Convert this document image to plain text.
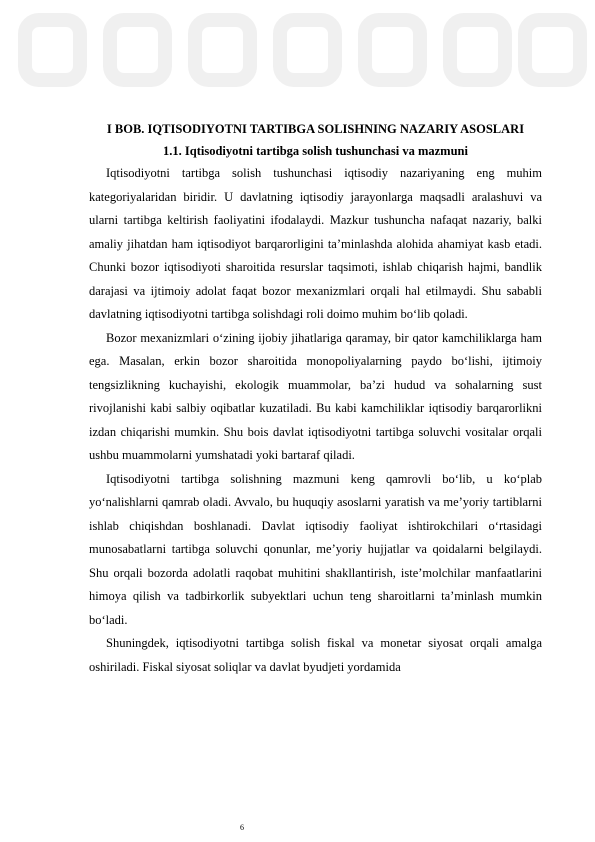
I BOB. IQTISODIYOTNI TARTIBGA SOLISHNING NAZARIY ASOSLARI

1.1. Iqtisodiyotni tartibga solish tushunchasi va mazmuni

Iqtisodiyotni tartibga solish tushunchasi iqtisodiy nazariyaning eng muhim kategoriyalaridan biridir. U davlatning iqtisodiy jarayonlarga maqsadli aralashuvi va ularni tartibga keltirish faoliyatini ifodalaydi. Mazkur tushuncha nafaqat nazariy, balki amaliy jihatdan ham iqtisodiyot barqarorligini ta’minlashda alohida ahamiyat kasb etadi. Chunki bozor iqtisodiyoti sharoitida resurslar taqsimoti, ishlab chiqarish hajmi, bandlik darajasi va ijtimoiy adolat faqat bozor mexanizmlari orqali hal etilmaydi. Shu sababli davlatning iqtisodiyotni tartibga solishdagi roli doimo muhim bo‘lib qoladi.

Bozor mexanizmlari o‘zining ijobiy jihatlariga qaramay, bir qator kamchiliklarga ham ega. Masalan, erkin bozor sharoitida monopoliyalarning paydo bo‘lishi, ijtimoiy tengsizlikning kuchayishi, ekologik muammolar, ba’zi hudud va sohalarning sust rivojlanishi kabi salbiy oqibatlar kuzatiladi. Bu kabi kamchiliklar iqtisodiy barqarorlikni izdan chiqarishi mumkin. Shu bois davlat iqtisodiyotni tartibga soluvchi vositalar orqali ushbu muammolarni yumshatadi yoki bartaraf qiladi.

Iqtisodiyotni tartibga solishning mazmuni keng qamrovli bo‘lib, u ko‘plab yo‘nalishlarni qamrab oladi. Avvalo, bu huquqiy asoslarni yaratish va me’yoriy tartiblarni ishlab chiqishdan boshlanadi. Davlat iqtisodiy faoliyat ishtirokchilari o‘rtasidagi munosabatlarni tartibga soluvchi qonunlar, me’yoriy hujjatlar va qoidalarni belgilaydi. Shu orqali bozorda adolatli raqobat muhitini shakllantirish, iste’molchilar manfaatlarini himoya qilish va tadbirkorlik subyektlari uchun teng sharoitlarni ta’minlash mumkin bo‘ladi.

Shuningdek, iqtisodiyotni tartibga solish fiskal va monetar siyosat orqali amalga oshiriladi. Fiskal siyosat soliqlar va davlat byudjeti yordamida

6
